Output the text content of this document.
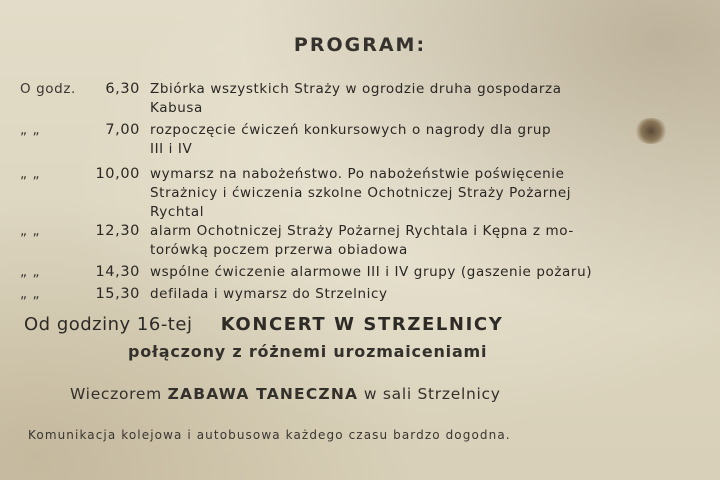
PROGRAM:
O godz.	6,30 Zbiórka wszystkich Straży w ogrodzie druha gospodarza
Kabusa
„ „	7,00 rozpoczęcie ćwiczeń konkursowych o nagrody dla grup
III i IV
„ „	10,00 wymarsz na nabożeństwo. Po nabożeństwie poświęcenie
Strażnicy i ćwiczenia szkolne Ochotniczej Straży Pożarnej
Rychtal
„ „	12,30 alarm Ochotniczej Straży Pożarnej Rychtala i Kępna z mo-
torówką poczem przerwa obiadowa
„ „	14,30 wspólne ćwiczenie alarmowe III i IV grupy (gaszenie pożaru)
„ „	15,30 defilada i wymarsz do Strzelnicy
Od godziny 16-tej KONCERT W STRZELNICY
połączony z różnemi urozmaiceniami
Wieczorem ZABAWA TANECZNA w sali Strzelnicy
Komunikacja kolejowa i autobusowa każdego czasu bardzo dogodna.
